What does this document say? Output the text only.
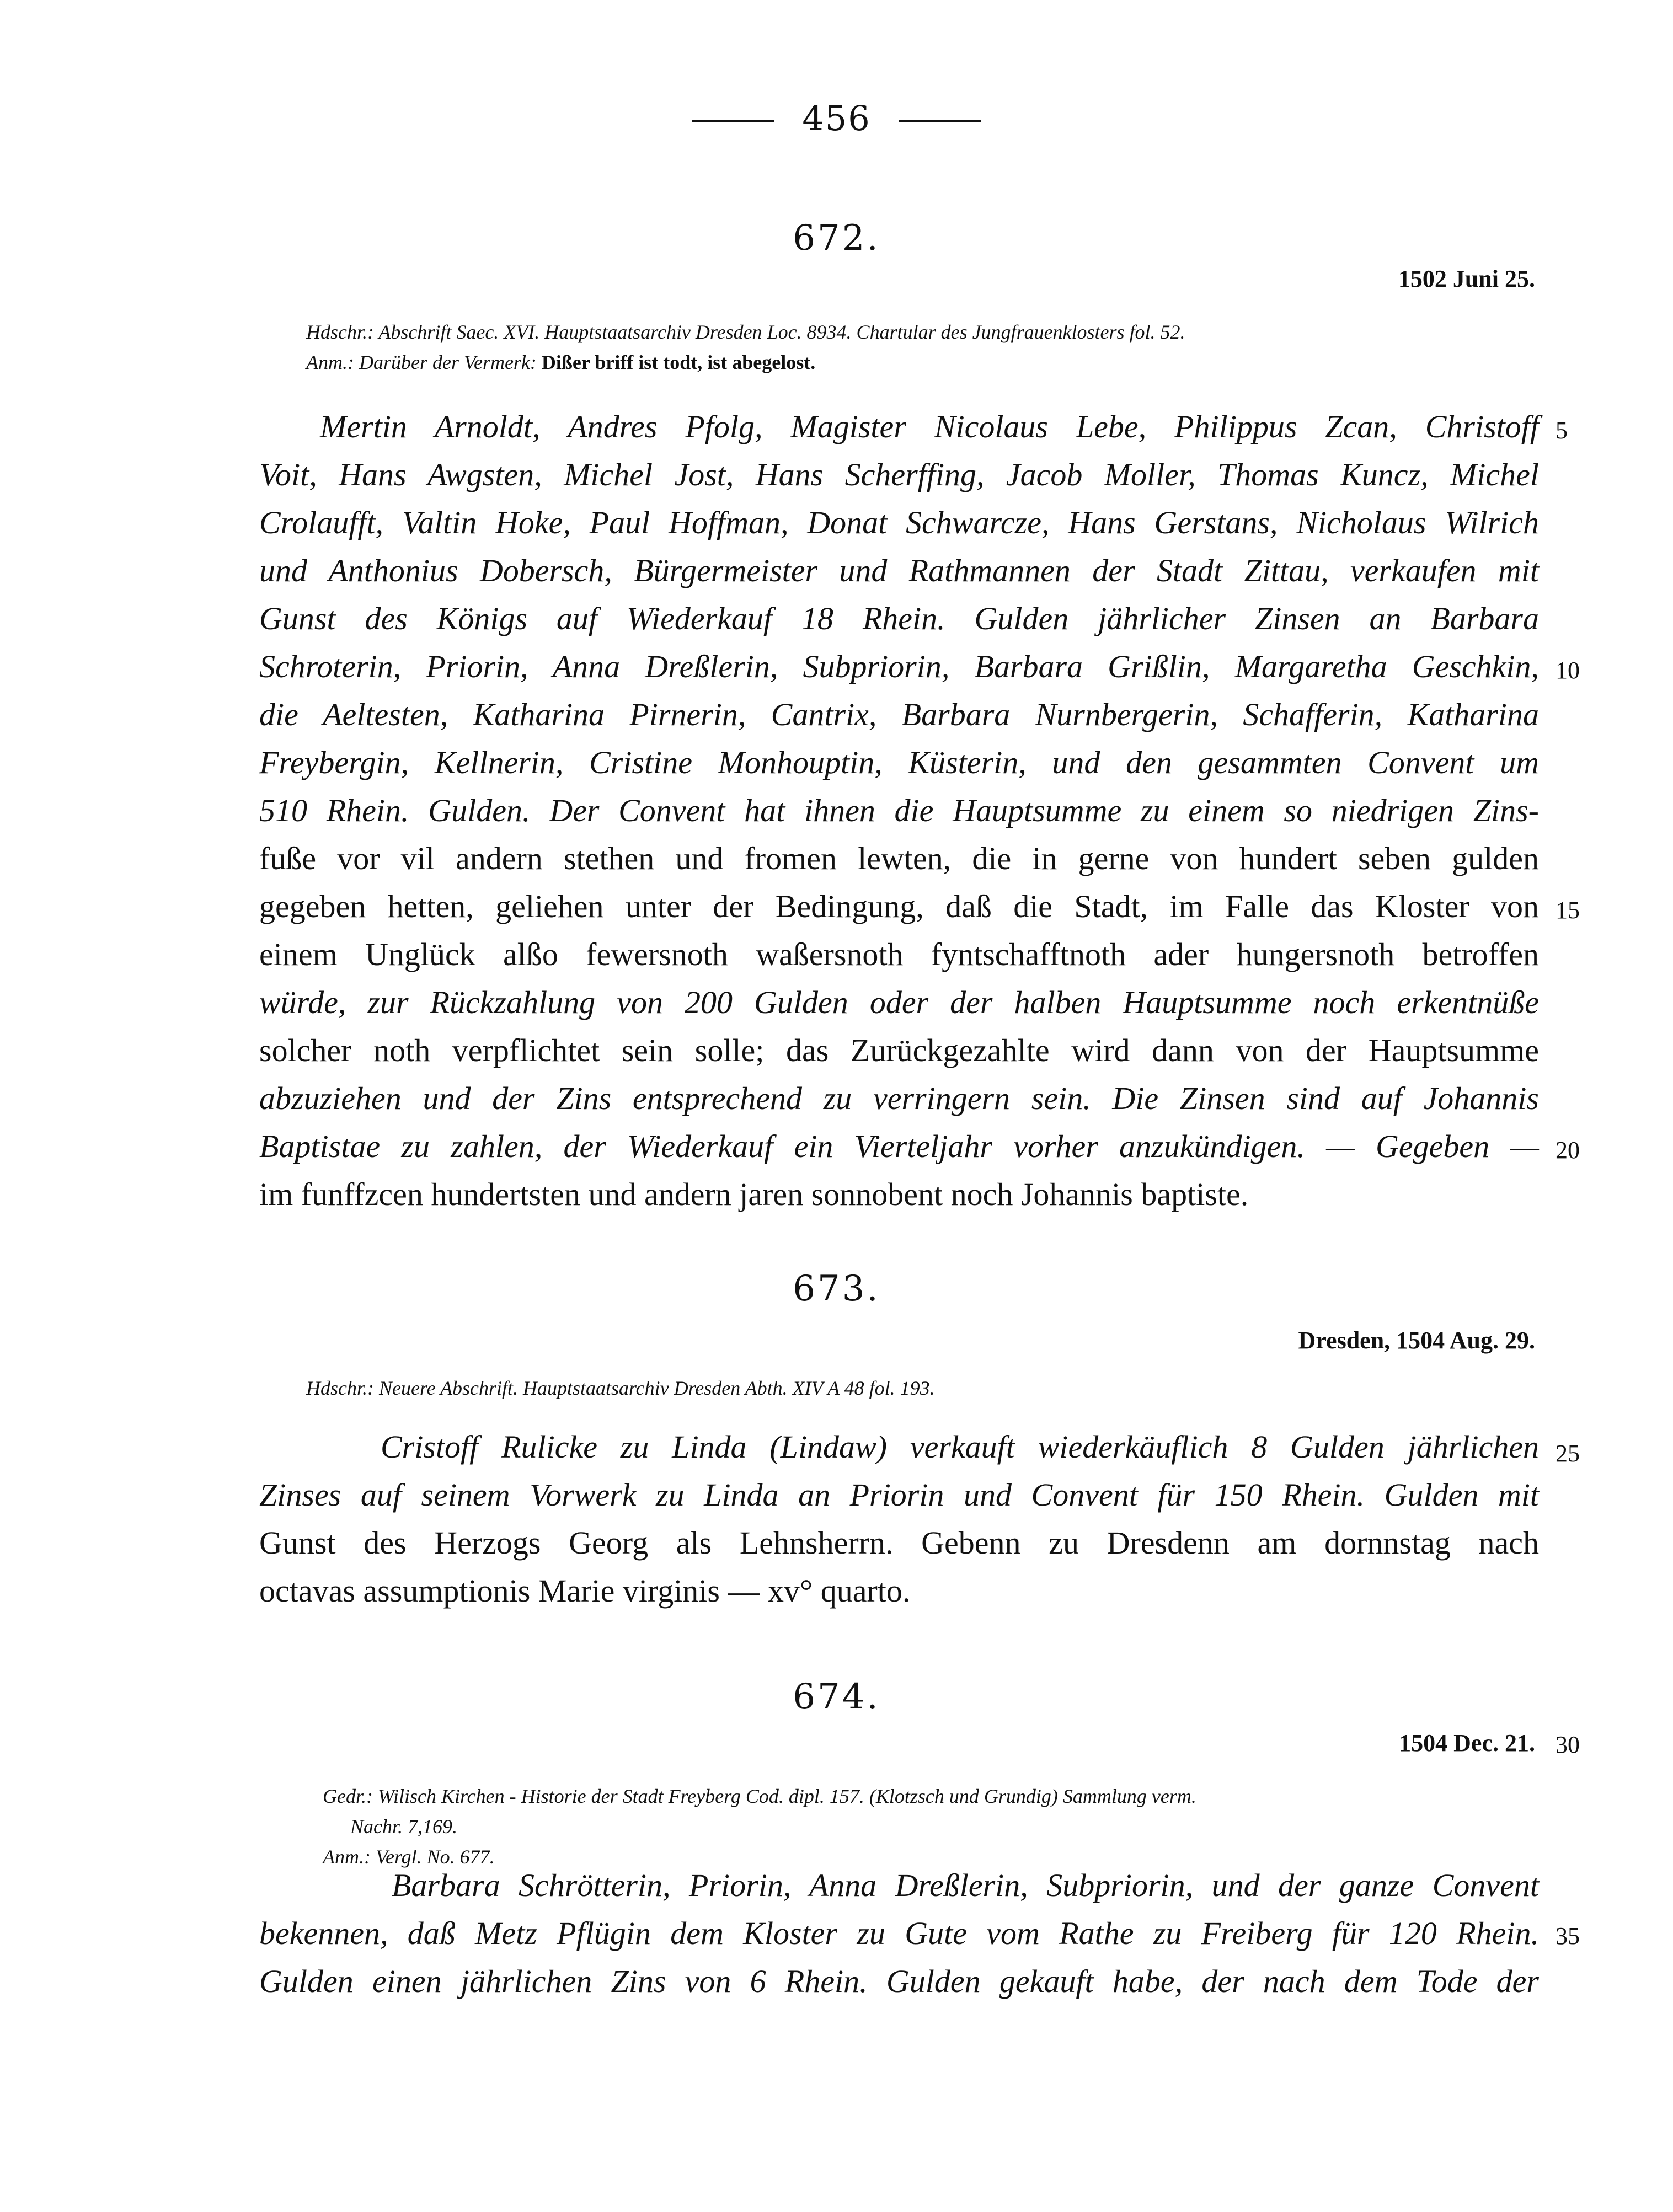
456
672.
1502 Juni 25.
Hdschr.: Abschrift Saec. XVI. Hauptstaatsarchiv Dresden Loc. 8934. Chartular des Jungfrauenklosters fol. 52.
Anm.: Darüber der Vermerk: Dißer briff ist todt, ist abegelost.
Mertin Arnoldt, Andres Pfolg, Magister Nicolaus Lebe, Philippus Zcan, Christoff
Voit, Hans Awgsten, Michel Jost, Hans Scherffing, Jacob Moller, Thomas Kuncz, Michel
Crolaufft, Valtin Hoke, Paul Hoffman, Donat Schwarcze, Hans Gerstans, Nicholaus Wilrich
und Anthonius Dobersch, Bürgermeister und Rathmannen der Stadt Zittau, verkaufen mit
Gunst des Königs auf Wiederkauf 18 Rhein. Gulden jährlicher Zinsen an Barbara
Schroterin, Priorin, Anna Dreßlerin, Subpriorin, Barbara Grißlin, Margaretha Geschkin,
die Aeltesten, Katharina Pirnerin, Cantrix, Barbara Nurnbergerin, Schafferin, Katharina
Freybergin, Kellnerin, Cristine Monhouptin, Küsterin, und den gesammten Convent um
510 Rhein. Gulden. Der Convent hat ihnen die Hauptsumme zu einem so niedrigen Zins-
fuße vor vil andern stethen und fromen lewten, die in gerne von hundert seben gulden
gegeben hetten, geliehen unter der Bedingung, daß die Stadt, im Falle das Kloster von
einem Unglück alßo fewersnoth waßersnoth fyntschafftnoth ader hungersnoth betroffen
würde, zur Rückzahlung von 200 Gulden oder der halben Hauptsumme noch erkentnüße
solcher noth verpflichtet sein solle; das Zurückgezahlte wird dann von der Hauptsumme
abzuziehen und der Zins entsprechend zu verringern sein. Die Zinsen sind auf Johannis
Baptistae zu zahlen, der Wiederkauf ein Vierteljahr vorher anzukündigen. — Gegeben —
im funffzcen hundertsten und andern jaren sonnobent noch Johannis baptiste.
673.
Dresden, 1504 Aug. 29.
Hdschr.: Neuere Abschrift. Hauptstaatsarchiv Dresden Abth. XIV A 48 fol. 193.
Cristoff Rulicke zu Linda (Lindaw) verkauft wiederkäuflich 8 Gulden jährlichen
Zinses auf seinem Vorwerk zu Linda an Priorin und Convent für 150 Rhein. Gulden mit
Gunst des Herzogs Georg als Lehnsherrn. Gebenn zu Dresdenn am dornnstag nach
octavas assumptionis Marie virginis — xv° quarto.
674.
1504 Dec. 21.
Gedr.: Wilisch Kirchen - Historie der Stadt Freyberg Cod. dipl. 157. (Klotzsch und Grundig) Sammlung verm.
Nachr. 7,169.
Anm.: Vergl. No. 677.
Barbara Schrötterin, Priorin, Anna Dreßlerin, Subpriorin, und der ganze Convent
bekennen, daß Metz Pflügin dem Kloster zu Gute vom Rathe zu Freiberg für 120 Rhein.
Gulden einen jährlichen Zins von 6 Rhein. Gulden gekauft habe, der nach dem Tode der
5
10
15
20
25
30
35
